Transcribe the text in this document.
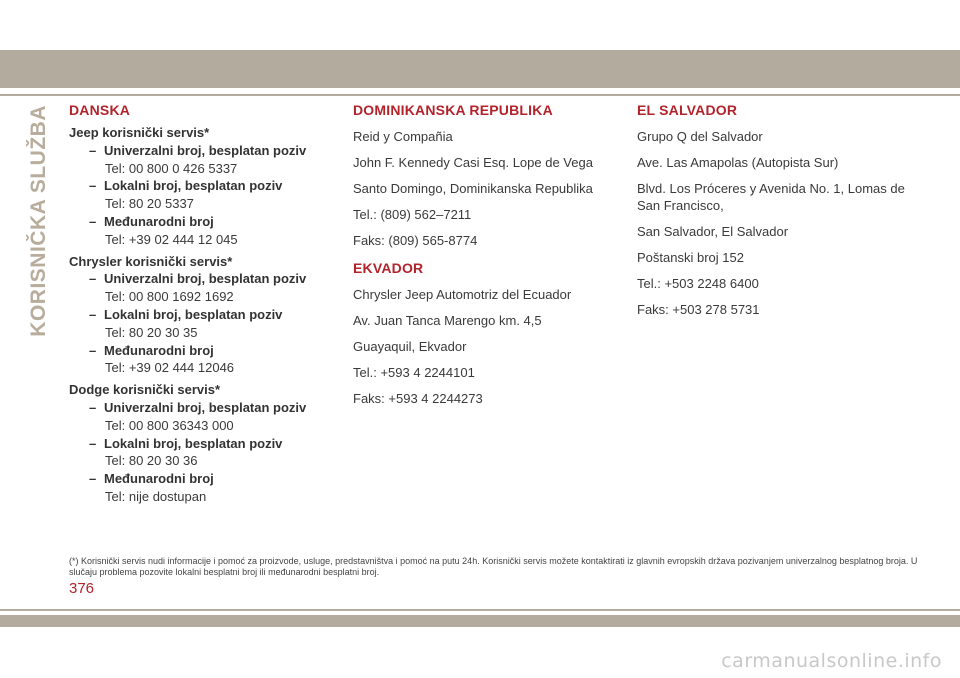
KORISNIČKA SLUŽBA DANSKA
Jeep korisnički servis*
– Univerzalni broj, besplatan poziv
Tel: 00 800 0 426 5337
– Lokalni broj, besplatan poziv
Tel: 80 20 5337
– Međunarodni broj
Tel: +39 02 444 12 045
Chrysler korisnički servis*
– Univerzalni broj, besplatan poziv
Tel: 00 800 1692 1692
– Lokalni broj, besplatan poziv
Tel: 80 20 30 35
– Međunarodni broj
Tel: +39 02 444 12046
Dodge korisnički servis*
– Univerzalni broj, besplatan poziv
Tel: 00 800 36343 000
– Lokalni broj, besplatan poziv
Tel: 80 20 30 36
– Međunarodni broj
Tel: nije dostupan
DOMINIKANSKA REPUBLIKA

Reid y Compañia

John F. Kennedy Casi Esq. Lope de Vega

Santo Domingo, Dominikanska Republika

Tel.: (809) 562–7211

Faks: (809) 565-8774

EKVADOR

Chrysler Jeep Automotriz del Ecuador

Av. Juan Tanca Marengo km. 4,5

Guayaquil, Ekvador

Tel.: +593 4 2244101

Faks: +593 4 2244273

EL SALVADOR

Grupo Q del Salvador

Ave. Las Amapolas (Autopista Sur)

Blvd. Los Próceres y Avenida No. 1, Lomas de San Francisco,

San Salvador, El Salvador

Poštanski broj 152

Tel.: +503 2248 6400

Faks: +503 278 5731

(*) Korisnički servis nudi informacije i pomoć za proizvode, usluge, predstavništva i pomoć na putu 24h. Korisnički servis možete kontaktirati iz glavnih evropskih država pozivanjem univerzalnog besplatnog broja. U slučaju problema pozovite lokalni besplatni broj ili međunarodni besplatni broj.
376
carmanualsonline.info
